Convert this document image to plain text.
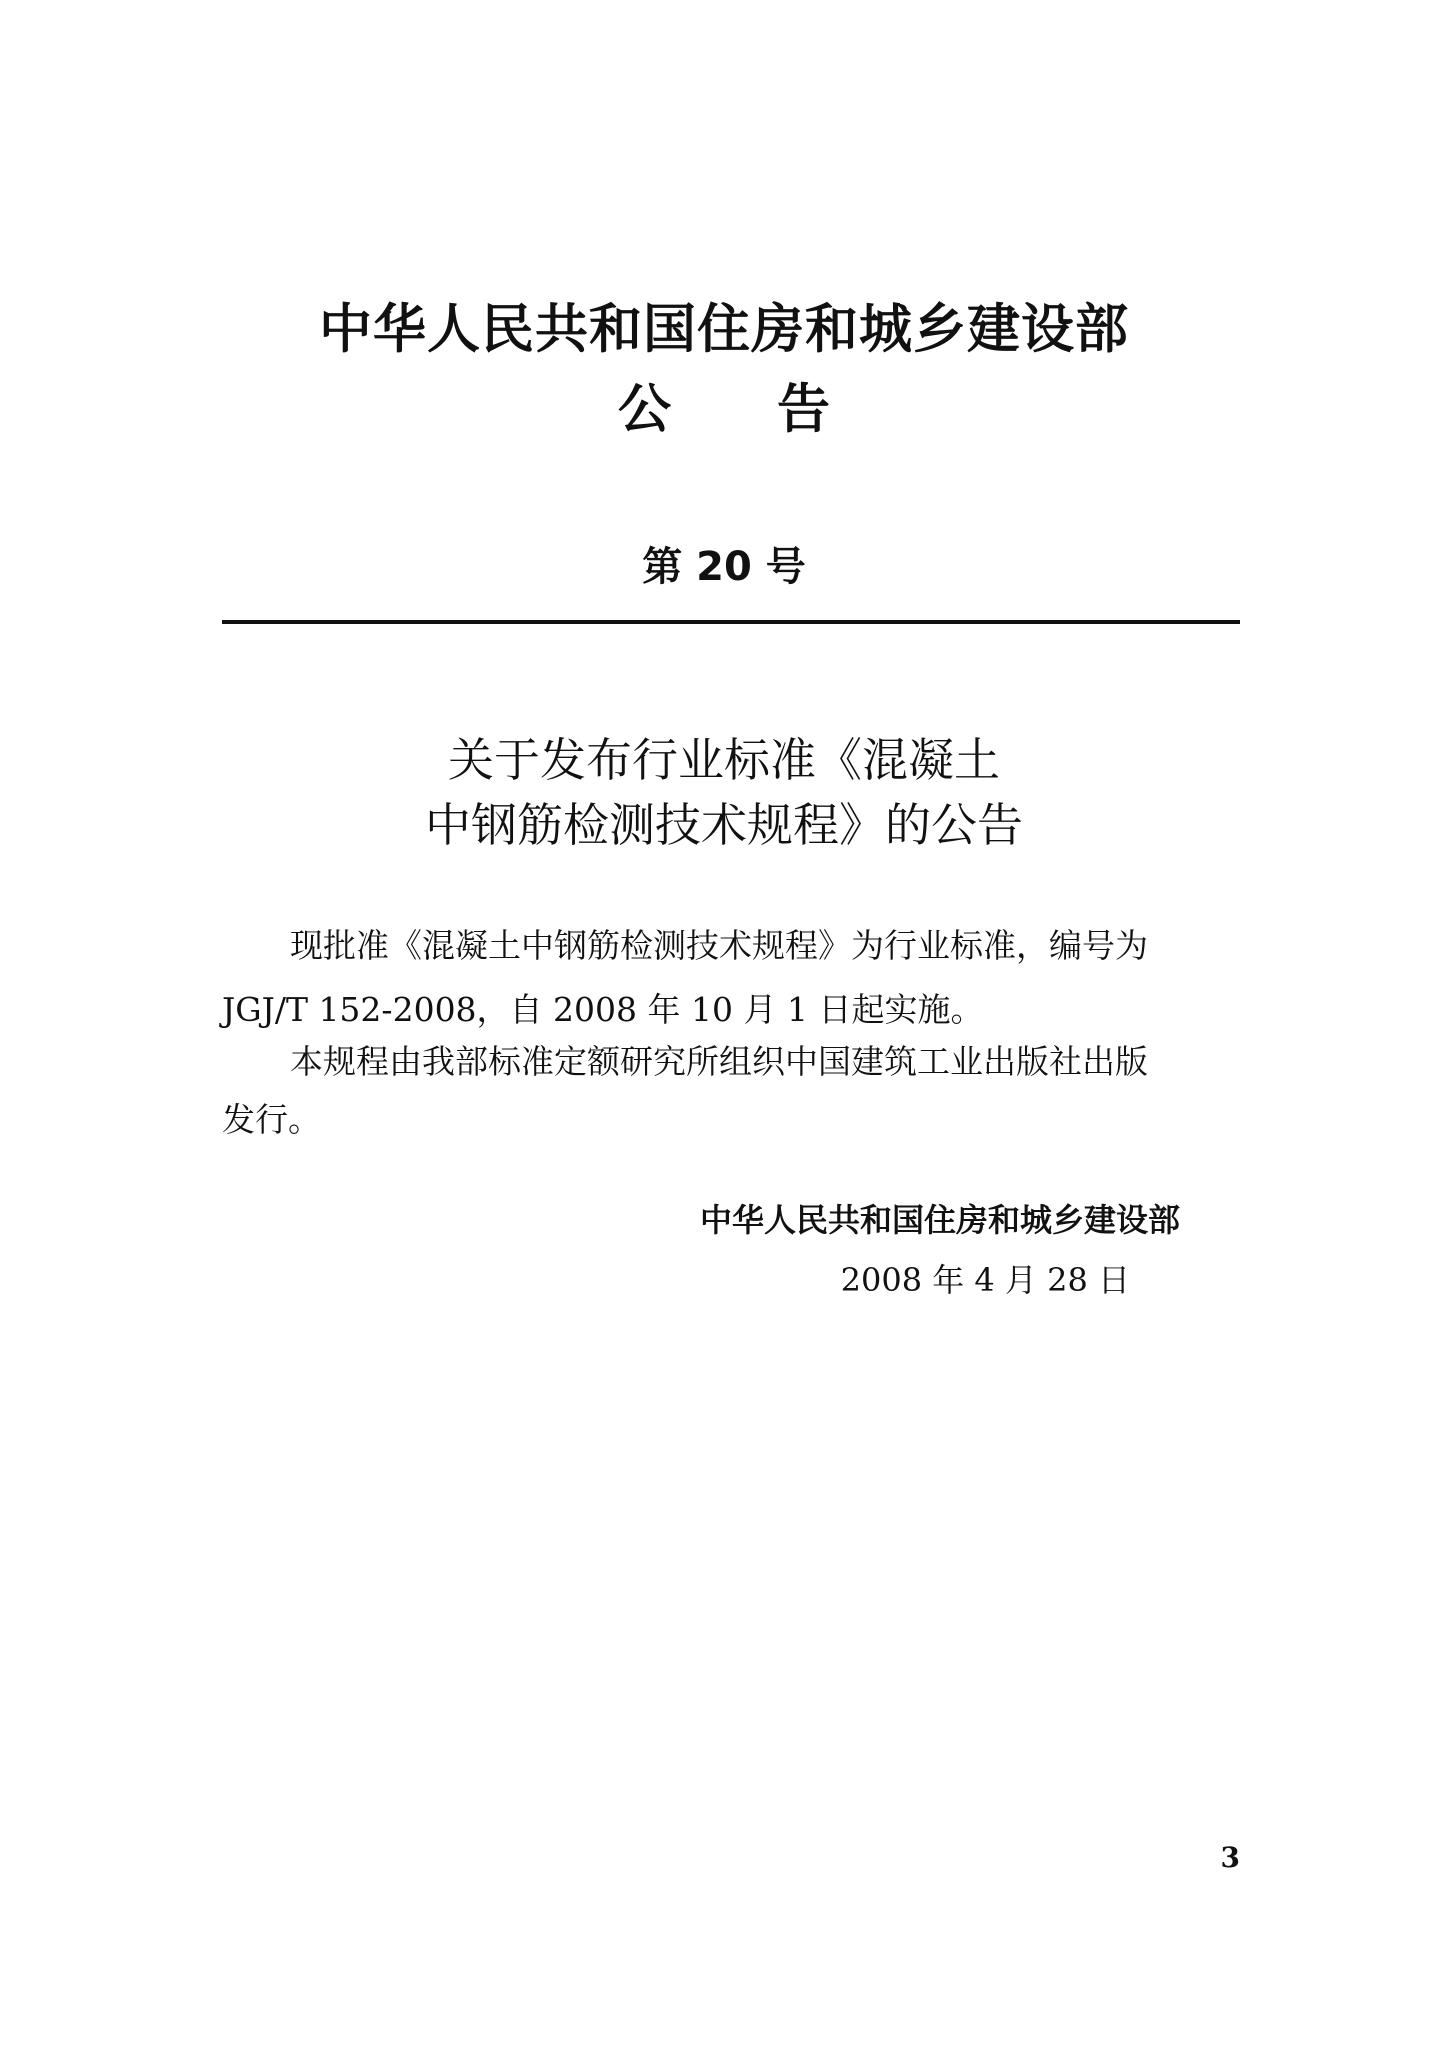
中华人民共和国住房和城乡建设部
公　　告
第 20 号
关于发布行业标准《混凝土
中钢筋检测技术规程》的公告
现批准《混凝土中钢筋检测技术规程》为行业标准，编号为
JGJ/T 152-2008，自 2008 年 10 月 1 日起实施。
本规程由我部标准定额研究所组织中国建筑工业出版社出版
发行。
中华人民共和国住房和城乡建设部
2008 年 4 月 28 日
3
